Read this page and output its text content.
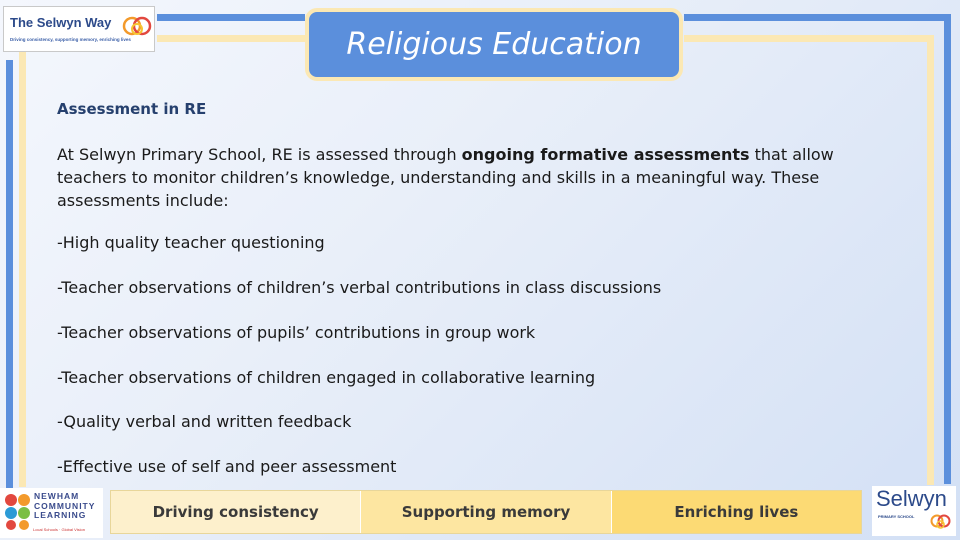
The Selwyn Way
Driving consistency, supporting memory, enriching lives	Religious Education
Assessment in RE

At Selwyn Primary School, RE is assessed through ongoing formative assessments that allow teachers to monitor children’s knowledge, understanding and skills in a meaningful way. These assessments include:

-High quality teacher questioning
-Teacher observations of children’s verbal contributions in class discussions
-Teacher observations of pupils’ contributions in group work
-Teacher observations of children engaged in collaborative learning
-Quality verbal and written feedback
-Effective use of self and peer assessment
NEWHAM
COMMUNITY
LEARNING
Local Schools · Global Vision
Driving consistency	Supporting memory	Enriching lives
Selwyn
PRIMARY SCHOOL
